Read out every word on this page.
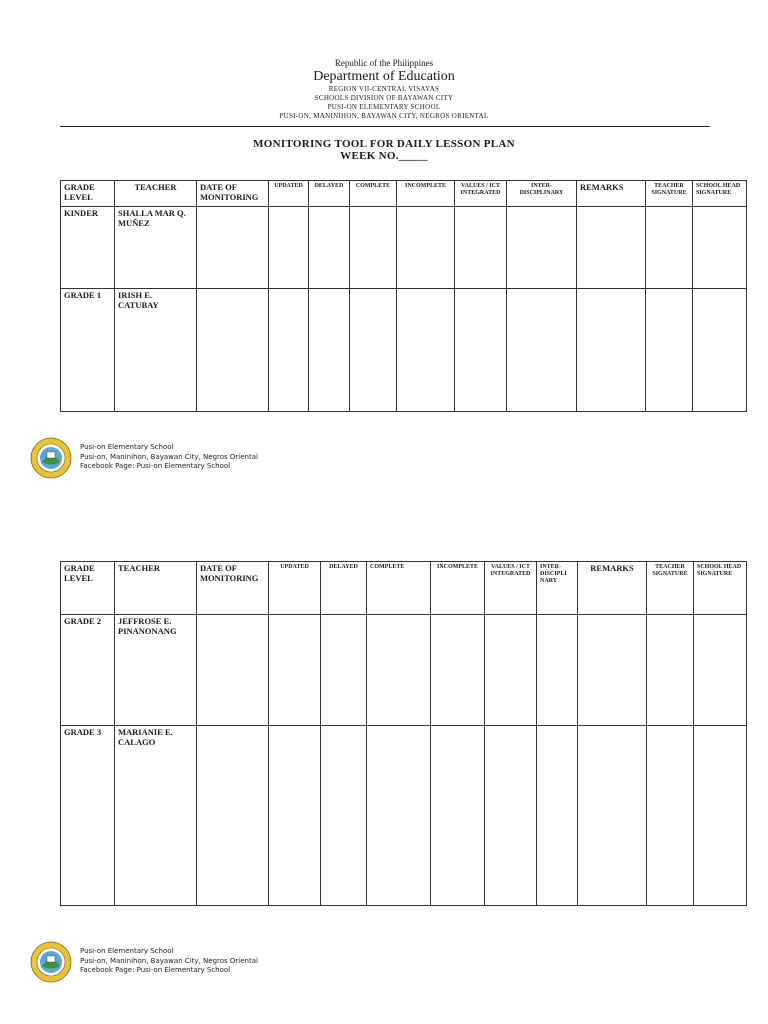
Republic of the Philippines
Department of Education
REGION VII-CENTRAL VISAYAS
SCHOOLS DIVISION OF BAYAWAN CITY
PUSI-ON ELEMENTARY SCHOOL
PUSI-ON, MANINIHON, BAYAWAN CITY, NEGROS ORIENTAL
MONITORING TOOL FOR DAILY LESSON PLAN
WEEK NO._____
GRADE LEVEL	TEACHER	DATE OF MONITORING	UPDATED	DELAYED	COMPLETE	INCOMPLETE	VALUES / ICT INTEGRATED	INTER-DISCIPLINARY	REMARKS	TEACHER SIGNATURE	SCHOOL HEAD SIGNATURE
KINDER	SHALLA MAR Q. MUÑEZ										
GRADE 1	IRISH E. CATUBAY										
Pusi-on Elementary School
Pusi-on, Maninihon, Bayawan City, Negros Oriental
Facebook Page: Pusi-on Elementary School
GRADE LEVEL	TEACHER	DATE OF MONITORING	UPDATED	DELAYED	COMPLETE	INCOMPLETE	VALUES / ICT INTEGRATED	INTER-DISCIPLI NARY	REMARKS	TEACHER SIGNATURE	SCHOOL HEAD SIGNATURE
GRADE 2	JEFFROSE E. PINANONANG										
GRADE 3	MARIANIE E. CALAGO										
Pusi-on Elementary School
Pusi-on, Maninihon, Bayawan City, Negros Oriental
Facebook Page: Pusi-on Elementary School
